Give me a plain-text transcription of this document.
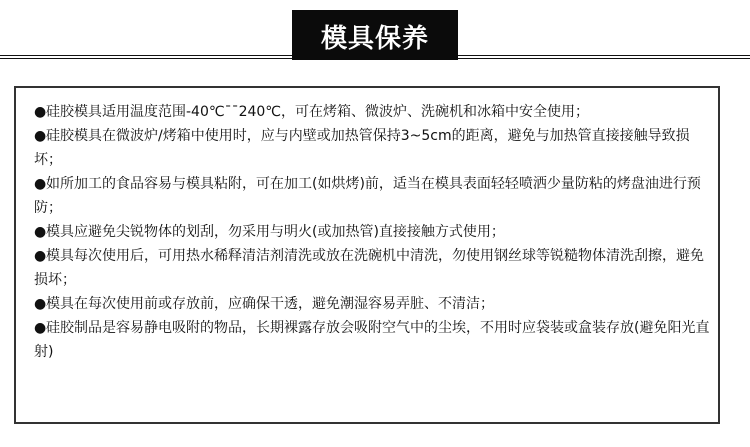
模具保养

●硅胶模具适用温度范围-40℃¯¯240℃，可在烤箱、微波炉、洗碗机和冰箱中安全使用；

●硅胶模具在微波炉/烤箱中使用时，应与内壁或加热管保持3~5cm的距离，避免与加热管直接接触导致损坏；

●如所加工的食品容易与模具粘附，可在加工(如烘烤)前，适当在模具表面轻轻喷洒少量防粘的烤盘油进行预防；

●模具应避免尖锐物体的划刮，勿采用与明火(或加热管)直接接触方式使用；

●模具每次使用后，可用热水稀释清洁剂清洗或放在洗碗机中清洗，勿使用钢丝球等锐糙物体清洗刮擦，避免损坏；

●模具在每次使用前或存放前，应确保干透，避免潮湿容易弄脏、不清洁；

●硅胶制品是容易静电吸附的物品，长期裸露存放会吸附空气中的尘埃，不用时应袋装或盒装存放(避免阳光直射)
